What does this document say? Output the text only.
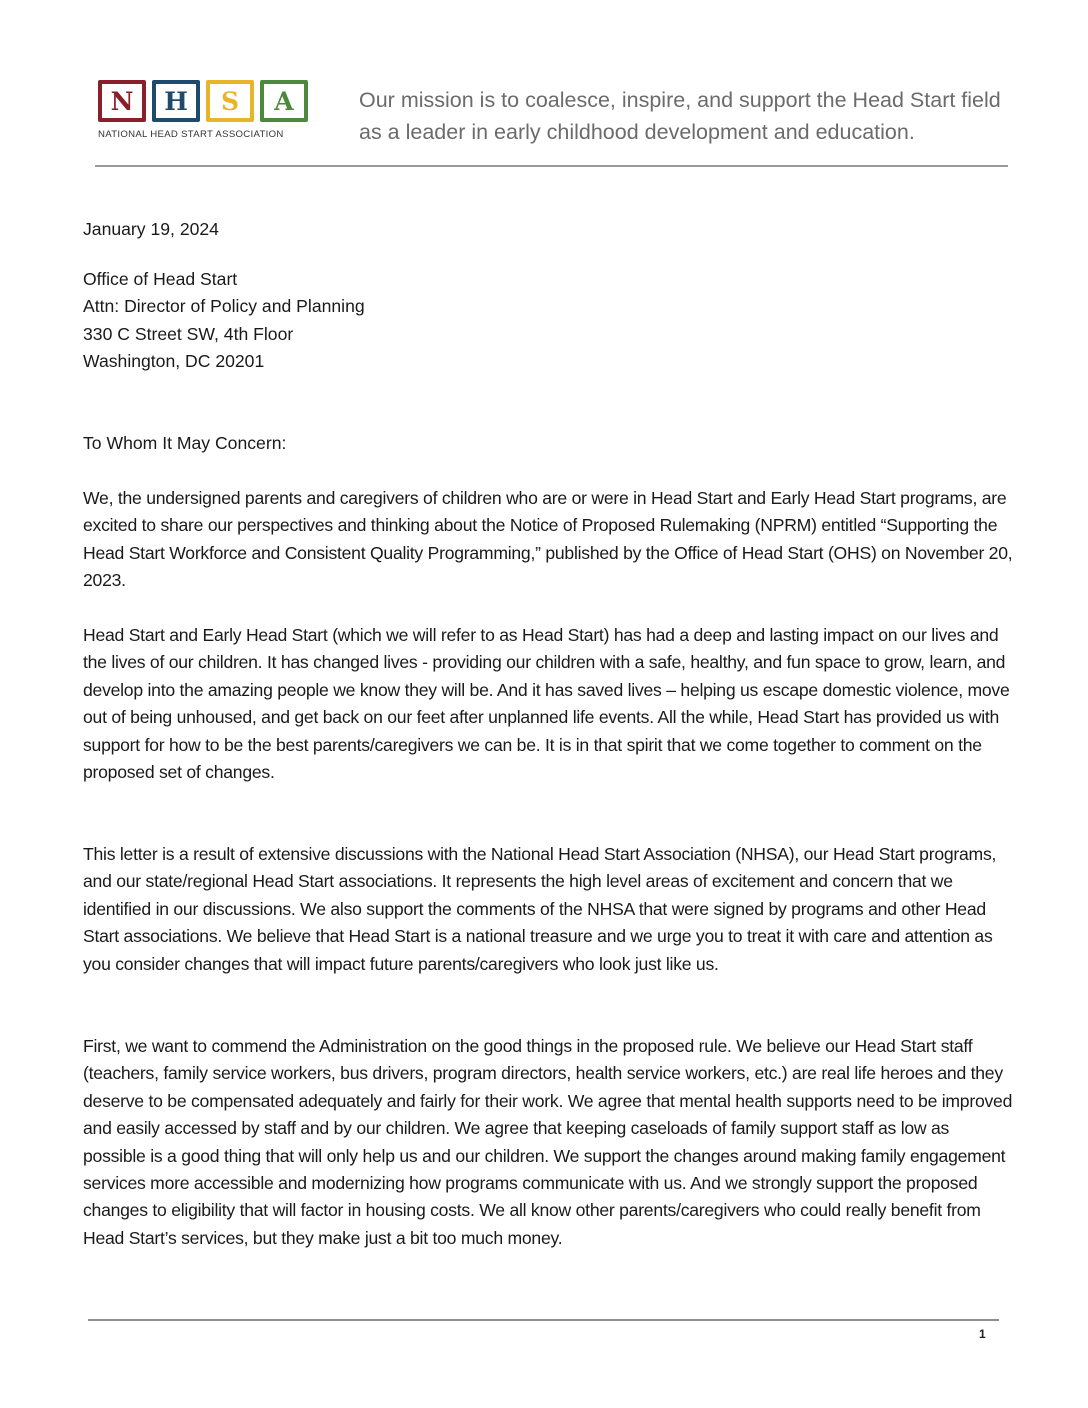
N H S A
NATIONAL HEAD START ASSOCIATION
Our mission is to coalesce, inspire, and support the Head Start field as a leader in early childhood development and education.
January 19, 2024
Office of Head Start
Attn: Director of Policy and Planning
330 C Street SW, 4th Floor
Washington, DC 20201
To Whom It May Concern:
We, the undersigned parents and caregivers of children who are or were in Head Start and Early Head Start programs, are excited to share our perspectives and thinking about the Notice of Proposed Rulemaking (NPRM) entitled “Supporting the Head Start Workforce and Consistent Quality Programming,” published by the Office of Head Start (OHS) on November 20, 2023.
Head Start and Early Head Start (which we will refer to as Head Start) has had a deep and lasting impact on our lives and the lives of our children. It has changed lives - providing our children with a safe, healthy, and fun space to grow, learn, and develop into the amazing people we know they will be. And it has saved lives – helping us escape domestic violence, move out of being unhoused, and get back on our feet after unplanned life events. All the while, Head Start has provided us with support for how to be the best parents/caregivers we can be. It is in that spirit that we come together to comment on the proposed set of changes.
This letter is a result of extensive discussions with the National Head Start Association (NHSA), our Head Start programs, and our state/regional Head Start associations. It represents the high level areas of excitement and concern that we identified in our discussions. We also support the comments of the NHSA that were signed by programs and other Head Start associations. We believe that Head Start is a national treasure and we urge you to treat it with care and attention as you consider changes that will impact future parents/caregivers who look just like us.
First, we want to commend the Administration on the good things in the proposed rule. We believe our Head Start staff (teachers, family service workers, bus drivers, program directors, health service workers, etc.) are real life heroes and they deserve to be compensated adequately and fairly for their work. We agree that mental health supports need to be improved and easily accessed by staff and by our children. We agree that keeping caseloads of family support staff as low as possible is a good thing that will only help us and our children. We support the changes around making family engagement services more accessible and modernizing how programs communicate with us. And we strongly support the proposed changes to eligibility that will factor in housing costs. We all know other parents/caregivers who could really benefit from Head Start’s services, but they make just a bit too much money.
1
